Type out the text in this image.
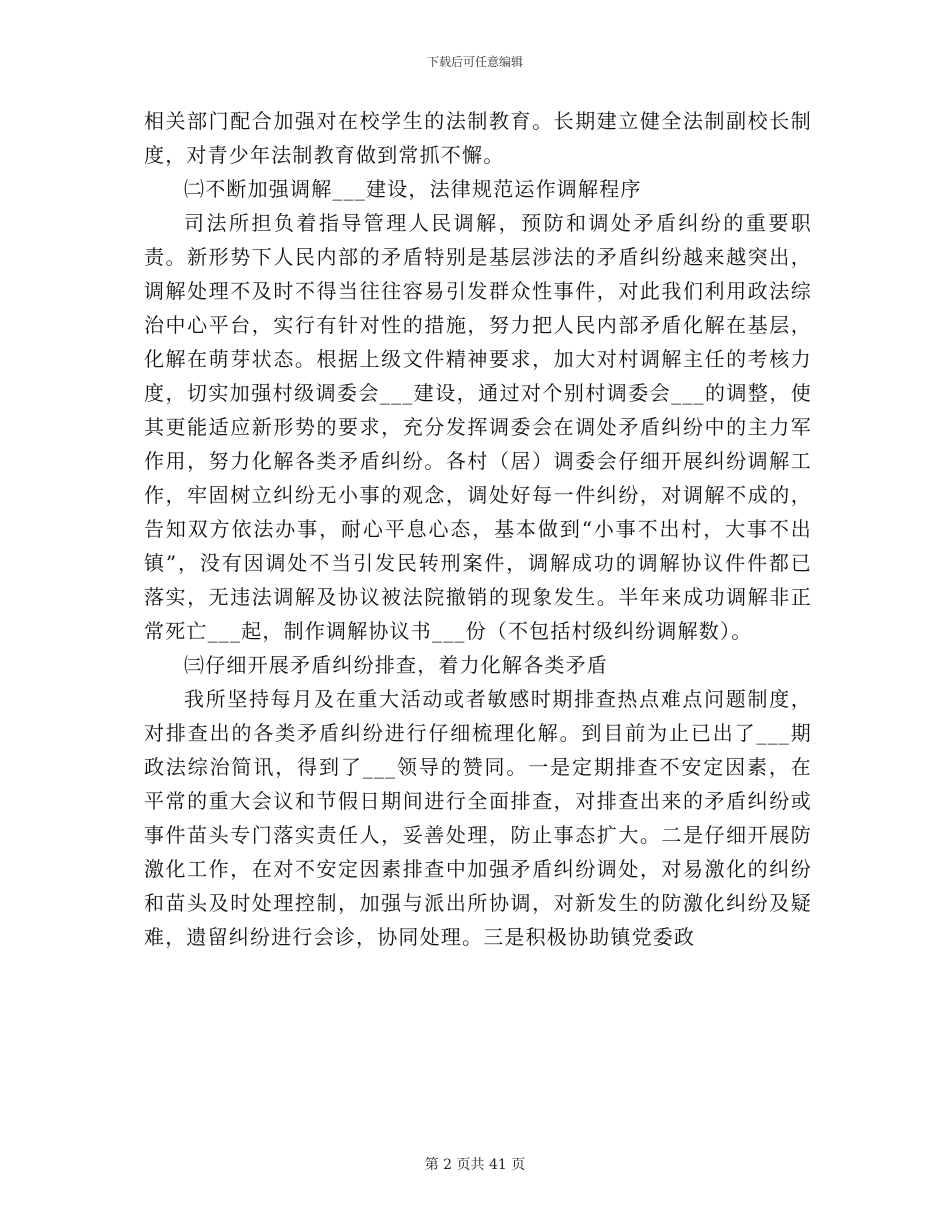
下载后可任意编辑

相关部门配合加强对在校学生的法制教育。长期建立健全法制副校长制度，对青少年法制教育做到常抓不懈。

㈡不断加强调解___建设，法律规范运作调解程序

司法所担负着指导管理人民调解，预防和调处矛盾纠纷的重要职责。新形势下人民内部的矛盾特别是基层涉法的矛盾纠纷越来越突出，调解处理不及时不得当往往容易引发群众性事件，对此我们利用政法综治中心平台，实行有针对性的措施，努力把人民内部矛盾化解在基层，化解在萌芽状态。根据上级文件精神要求，加大对村调解主任的考核力度，切实加强村级调委会___建设，通过对个别村调委会___的调整，使其更能适应新形势的要求，充分发挥调委会在调处矛盾纠纷中的主力军作用，努力化解各类矛盾纠纷。各村（居）调委会仔细开展纠纷调解工作，牢固树立纠纷无小事的观念，调处好每一件纠纷，对调解不成的，告知双方依法办事，耐心平息心态，基本做到“小事不出村，大事不出镇”，没有因调处不当引发民转刑案件，调解成功的调解协议件件都已落实，无违法调解及协议被法院撤销的现象发生。半年来成功调解非正常死亡___起，制作调解协议书___份（不包括村级纠纷调解数）。

㈢仔细开展矛盾纠纷排查，着力化解各类矛盾

我所坚持每月及在重大活动或者敏感时期排查热点难点问题制度，对排查出的各类矛盾纠纷进行仔细梳理化解。到目前为止已出了___期政法综治简讯，得到了___领导的赞同。一是定期排查不安定因素，在平常的重大会议和节假日期间进行全面排查，对排查出来的矛盾纠纷或事件苗头专门落实责任人，妥善处理，防止事态扩大。二是仔细开展防激化工作，在对不安定因素排查中加强矛盾纠纷调处，对易激化的纠纷和苗头及时处理控制，加强与派出所协调，对新发生的防激化纠纷及疑难，遗留纠纷进行会诊，协同处理。三是积极协助镇党委政

第 2 页共 41 页
